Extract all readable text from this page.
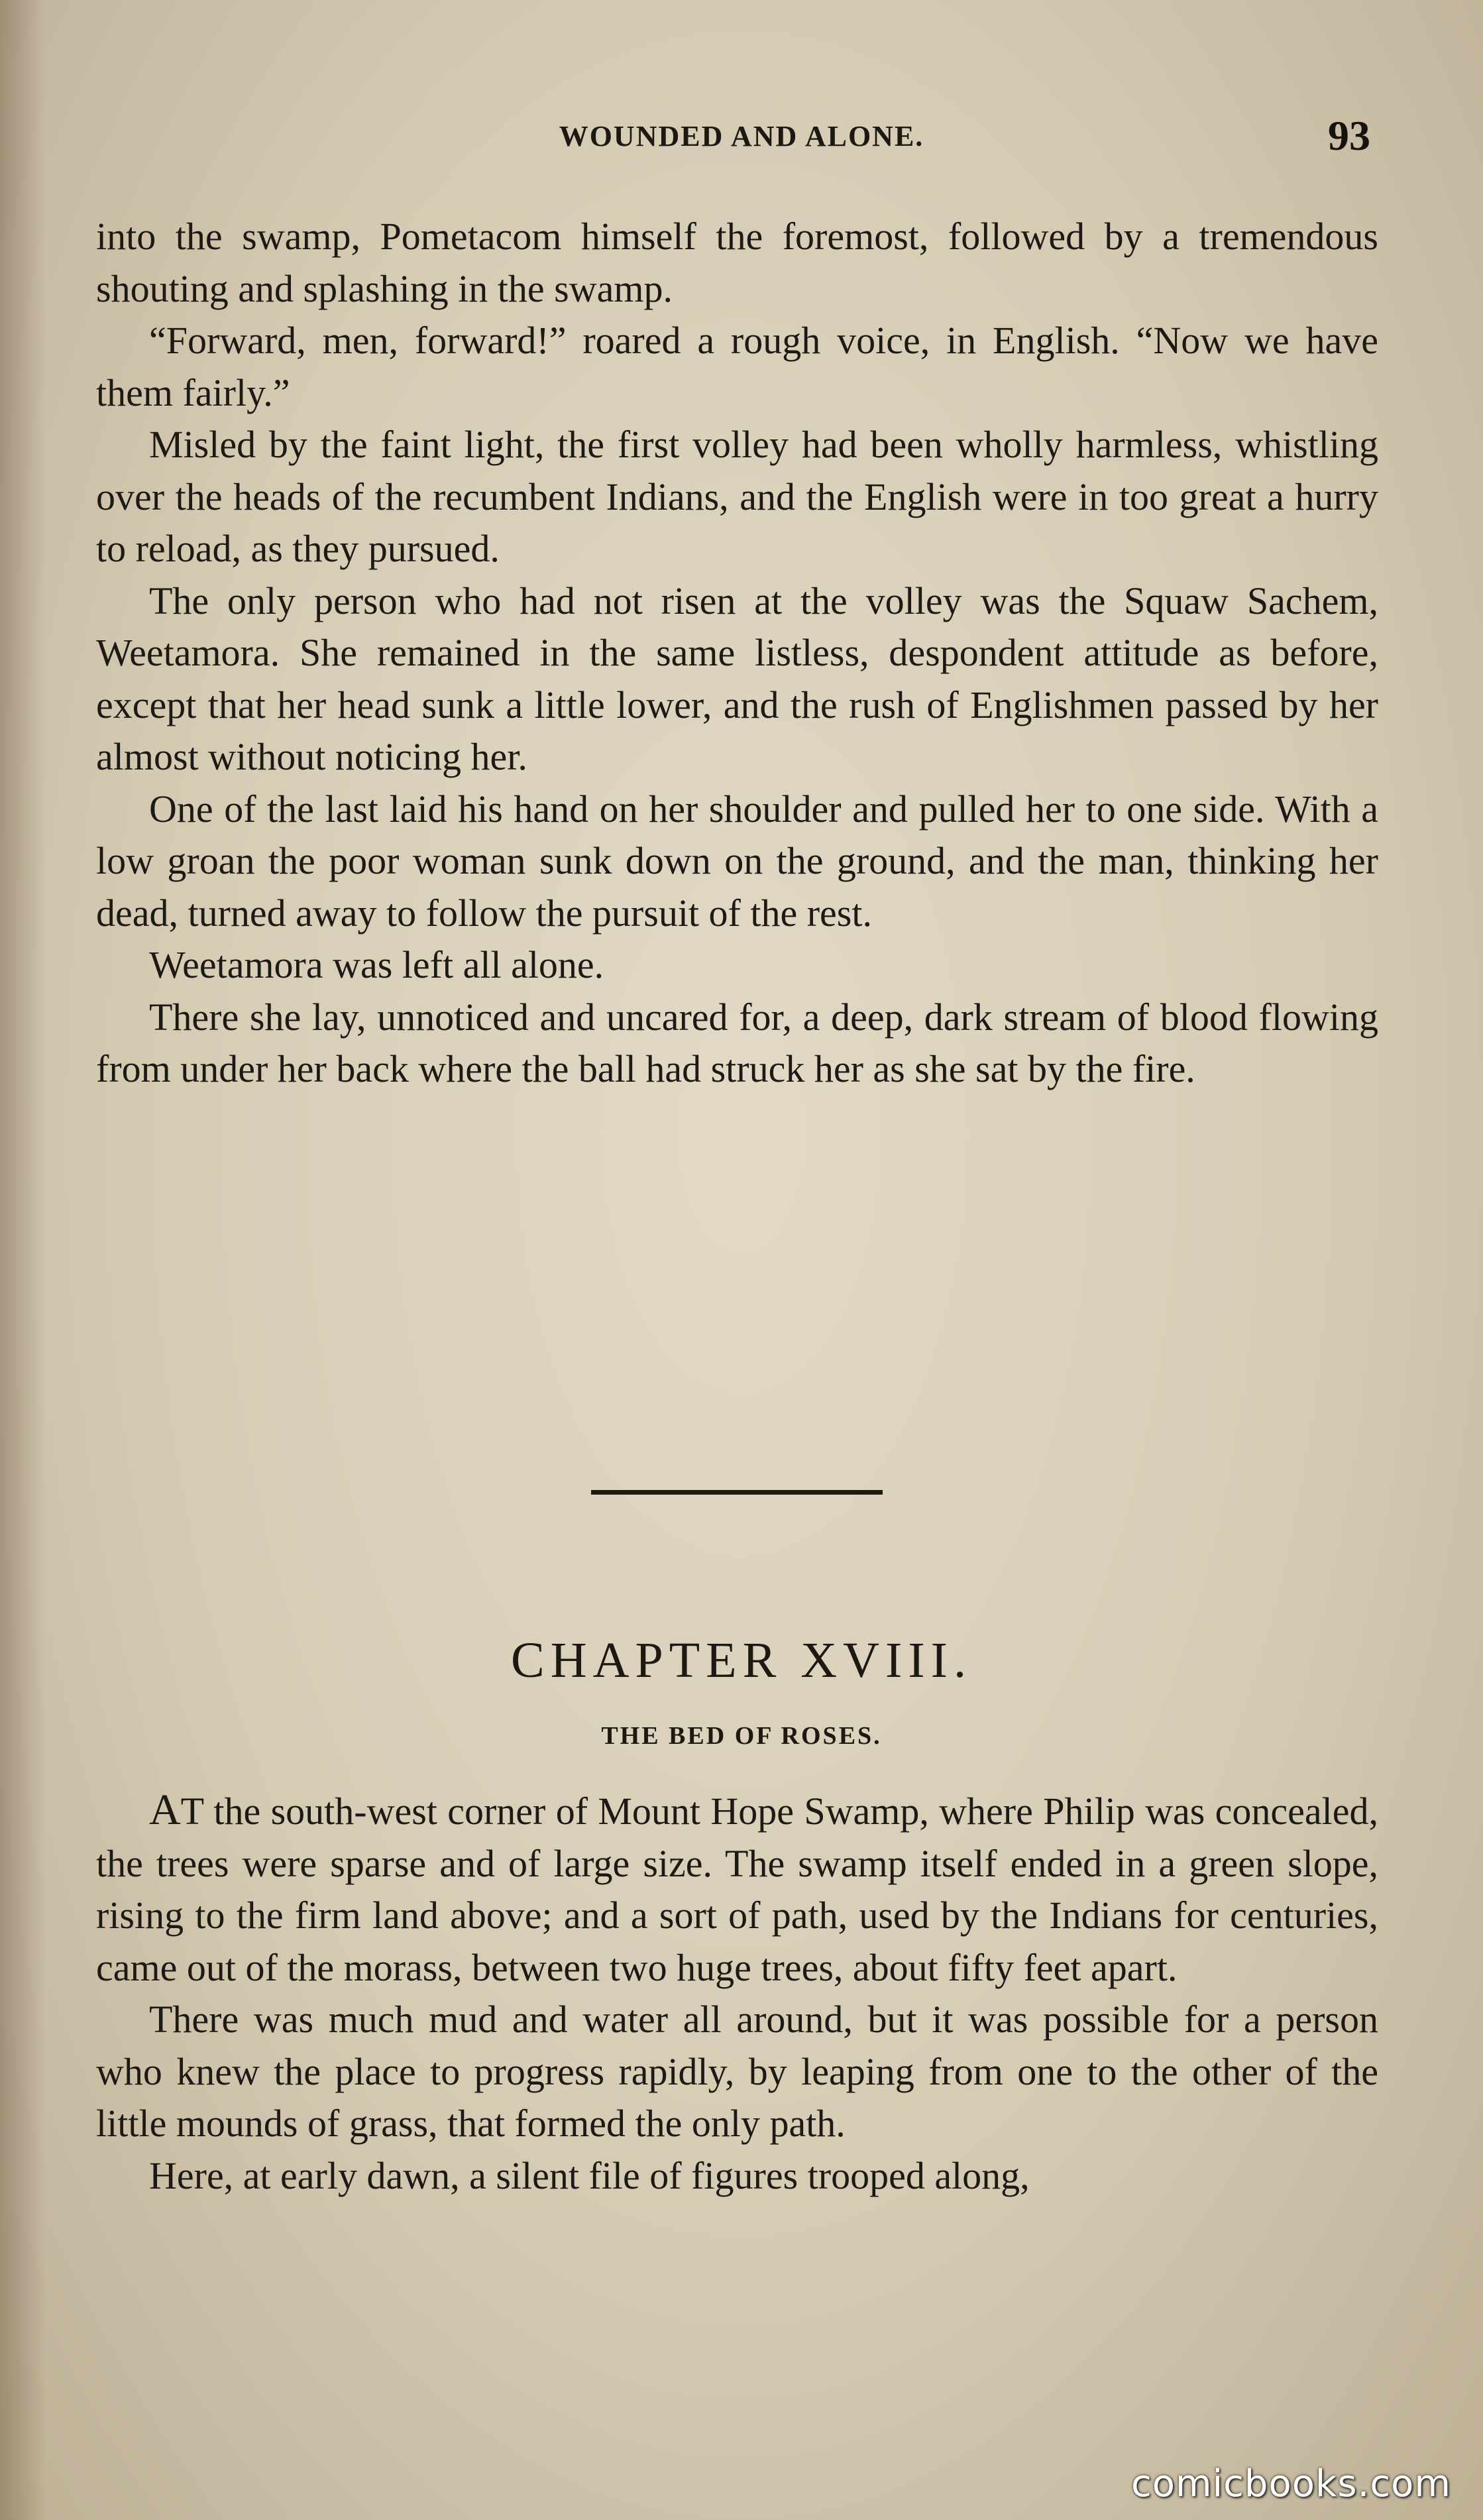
WOUNDED AND ALONE.	93

into the swamp, Pometacom himself the foremost, followed by a tremendous shouting and splashing in the swamp.

“Forward, men, forward!” roared a rough voice, in English. “Now we have them fairly.”

Misled by the faint light, the first volley had been wholly harmless, whistling over the heads of the recumbent Indians, and the English were in too great a hurry to reload, as they pursued.

The only person who had not risen at the volley was the Squaw Sachem, Weetamora. She remained in the same listless, despondent attitude as before, except that her head sunk a little lower, and the rush of Englishmen passed by her almost without noticing her.

One of the last laid his hand on her shoulder and pulled her to one side. With a low groan the poor woman sunk down on the ground, and the man, thinking her dead, turned away to follow the pursuit of the rest.

Weetamora was left all alone.

There she lay, unnoticed and uncared for, a deep, dark stream of blood flowing from under her back where the ball had struck her as she sat by the fire.

CHAPTER XVIII.
THE BED OF ROSES.

AT the south-west corner of Mount Hope Swamp, where Philip was concealed, the trees were sparse and of large size. The swamp itself ended in a green slope, rising to the firm land above; and a sort of path, used by the Indians for centuries, came out of the morass, between two huge trees, about fifty feet apart.

There was much mud and water all around, but it was possible for a person who knew the place to progress rapidly, by leaping from one to the other of the little mounds of grass, that formed the only path.

Here, at early dawn, a silent file of figures trooped along,

comicbooks.com
